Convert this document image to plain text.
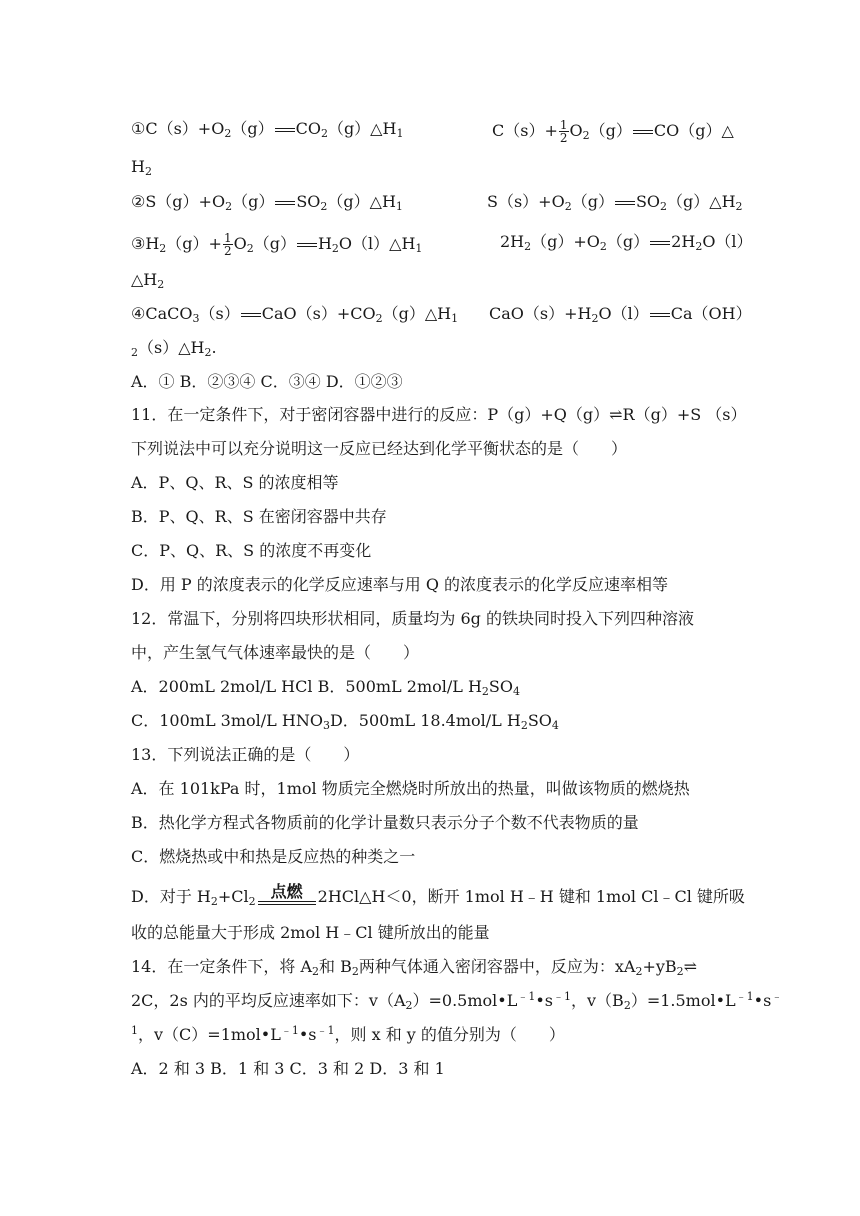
$①C(s)+O_2(g)$ $CO_2(g)\triangle H_1$	$C(s)+ \frac{1}{2} O_2(g)$ CO（g）△
$H_2$
$②S(g)+O_2(g)$ $SO_2(g)\triangle H_1$	$S(s)+O_2(g)$ $SO_2(g)\triangle H_2$
$③H_2(g)+ \frac{1}{2} O_2(g)$ $H_2O(l)\triangle H_1$	$2H_2(g)+O_2(g)$ $2H_2O(l)$
$\triangle H_2$
④CaCO$_3$（s） $CaO(s)+CO_2(g)\triangle H_1$ $CaO(s)+H_2O(l)$ Ca（OH）
$_2(s)\triangle H_2$.
A．① B．②③④ C．③④ D．①②③
11．在一定条件下，对于密闭容器中进行的反应：P（g）+Q（g）⇌R（g）+S （s）
下列说法中可以充分说明这一反应已经达到化学平衡状态的是（　　）
A．P、Q、R、S 的浓度相等
B．P、Q、R、S 在密闭容器中共存
C．P、Q、R、S 的浓度不再变化
D．用 P 的浓度表示的化学反应速率与用 Q 的浓度表示的化学反应速率相等
12．常温下，分别将四块形状相同，质量均为 6g 的铁块同时投入下列四种溶液
中，产生氢气气体速率最快的是（　　）
A．200mL 2mol/L HCl B．500mL 2mol/L $H_2SO_4$
C．100mL 3mol/L $HNO_3D$．500mL 18.4mol/L $H_2SO_4$
13．下列说法正确的是（　　）
A．在 101kPa 时，1mol 物质完全燃烧时所放出的热量，叫做该物质的燃烧热
B．热化学方程式各物质前的化学计量数只表示分子个数不代表物质的量
C．燃烧热或中和热是反应热的种类之一
D．对于 $H_2+Cl_2$
点燃 2HCl△H＜0，断开 1mol H﹣H 键和 1mol Cl﹣Cl 键所吸
收的总能量大于形成 2mol H﹣Cl 键所放出的能量
14．在一定条件下，将 $A_2$和 $B_2$两种气体通入密闭容器中，反应为：$xA_2+yB_2\rightleftharpoons$
2C，2s 内的平均反应速率如下：$v(A_2)=0.5mol•L^{﹣1}•s^{﹣1}$，$v(B_2)=1.5mol•L^{﹣1}•s^﹣$
$^1$，$v(C)=1mol•L^{﹣1}•s^{﹣1}$，则 x 和 y 的值分别为（　　）
A．2 和 3 B．1 和 3 C．3 和 2 D．3 和 1
